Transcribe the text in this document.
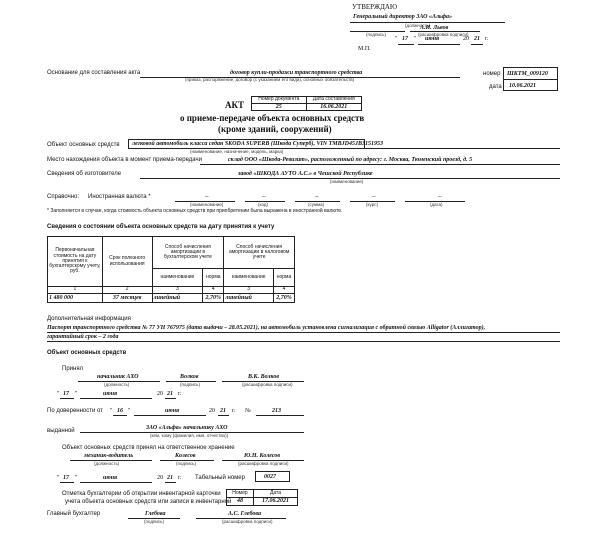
УТВЕРЖДАЮ
Генеральный директор ЗАО «Альфа»
(должность)
А.И. Львов
(подпись)	(расшифровка подписи)
" 17 " июня	20 21 г.
М.П.
Основание для составления акта	договор купли-продажи транспортного средства
(приказ, распоряжение, договор (с указанием его вида), основных обязательств)
номер
дата
ШКТМ_009120
10.06.2021
АКТ
Номер документа	Дата составления
25	16.06.2021
о приеме-передаче объекта основных средств
(кроме зданий, сооружений)
Объект основных средств легковой автомобиль класса седан SKODA SUPERB (Шкода Суперб), VIN TMBJD45JB3151953
(наименование, назначение, модель, марка)
Место нахождения объекта в момент приема-передачи	склад ООО «Шкода-Ревизит», расположенный по адресу: г. Москва, Тюменский проезд, д. 5
Сведения об изготовителе	завод «ШКОДА АУТО А.С.» в Чешской Республике
(наименование)
Справочно: Иностранная валюта *	–	–	–	–	–
(наименование)	(код)	(сумма)	(курс)	(дата)
* Заполняется в случае, когда стоимость объекта основных средств при приобретении была выражена в иностранной валюте.
Сведения о состоянии объекта основных средств на дату принятия к учету
Первоначальная стоимость на дату принятия к бухгалтерскому учету, руб.	Срок полезного использования	Способ начисления амортизации в бухгалтерском учете		Способ начисления амортизации в налоговом учете	
		наименование	норма	наименование	норма
1	2	3	4	3	4
1 480 000	37 месяцев	линейный	2,70%	линейный	2,70%
Дополнительная информация
Паспорт транспортного средства № 77 УН 767975 (дата выдачи – 28.05.2021), на автомобиль установлена сигнализация с обратной связью Alligator (Аллигатор),
гарантийный срок – 2 года
Объект основных средств
Принял
начальник АХО	Волков	В.К. Волков
(должность)	(подпись)	(расшифровка подписи)
" 17 "	июня	20 21 г.
По доверенности от " 16 "	июня	20 21 г. №	213
выданной	ЗАО «Альфа» начальнику АХО
(кем, кому (фамилия, имя, отчество))
Объект основных средств принял на ответственное хранение
механик-водитель	Колесов	Ю.Н. Колесов
(должность)	(подпись)	(расшифровка подписи)
" 17 "	июня	20 21 г. Табельный номер	0027
Отметка бухгалтерии об открытии инвентарной карточки
учета объекта основных средств или записи в инвентарной
Номер	Дата
48	17.06.2021
Главный бухгалтер	Глебова	А.С. Глебова
(подпись)	(расшифровка подписи)
